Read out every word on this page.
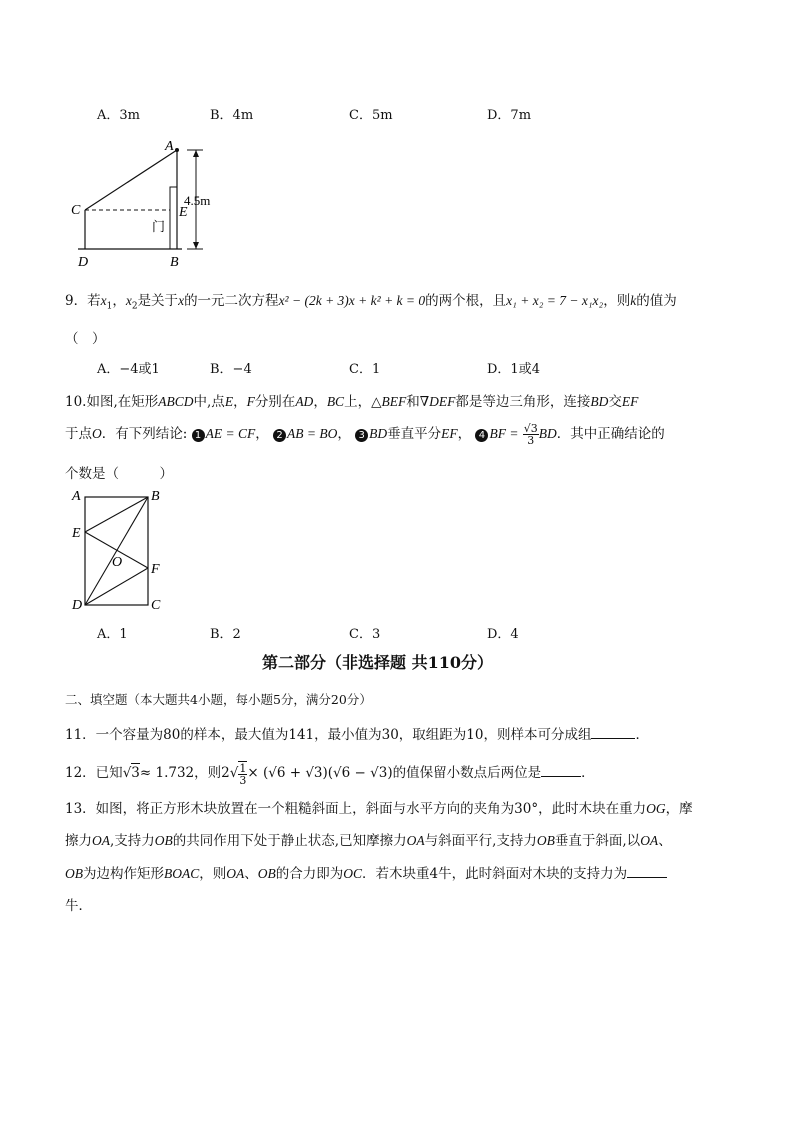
A．3m	B．4m	C．5m	D．7m
A
C	E
门
4.5m
D	B
9．若$x_1$，$x_2$是关于x的一元二次方程x² − (2k + 3)x + k² + k = 0的两个根，且x₁ + x₂ = 7 − x₁x₂，则k的值为
（　）
A．−4或1	B．−4	C．1	D．1或4
10.如图,在矩形ABCD中,点E，F分别在AD，BC上，△BEF和∇DEF都是等边三角形，连接BD交EF
于点O．有下列结论: 1 AE = CF， 2 AB = BO， 3 BD垂直平分EF， 4 BF = $\frac{√3}{3}$ BD．其中正确结论的
个数是（　　　）
A	B
E
O F
D	C
A．1	B．2	C．3	D．4
第二部分（非选择题 共110分）
二、填空题（本大题共4小题，每小题5分，满分20分）
11．一个容量为80的样本，最大值为141，最小值为30，取组距为10，则样本可分成组	．
12．已知√3≈ 1.732，则$2√ \frac{1}{3} \times (√6 + √3)(√6 - √3)$的值保留小数点后两位是	．
13．如图，将正方形木块放置在一个粗糙斜面上，斜面与水平方向的夹角为30°，此时木块在重力OG，摩
擦力OA,支持力OB的共同作用下处于静止状态,已知摩擦力OA与斜面平行,支持力OB垂直于斜面,以OA、
OB为边构作矩形BOAC，则OA、OB的合力即为OC．若木块重4牛，此时斜面对木块的支持力为
牛．
